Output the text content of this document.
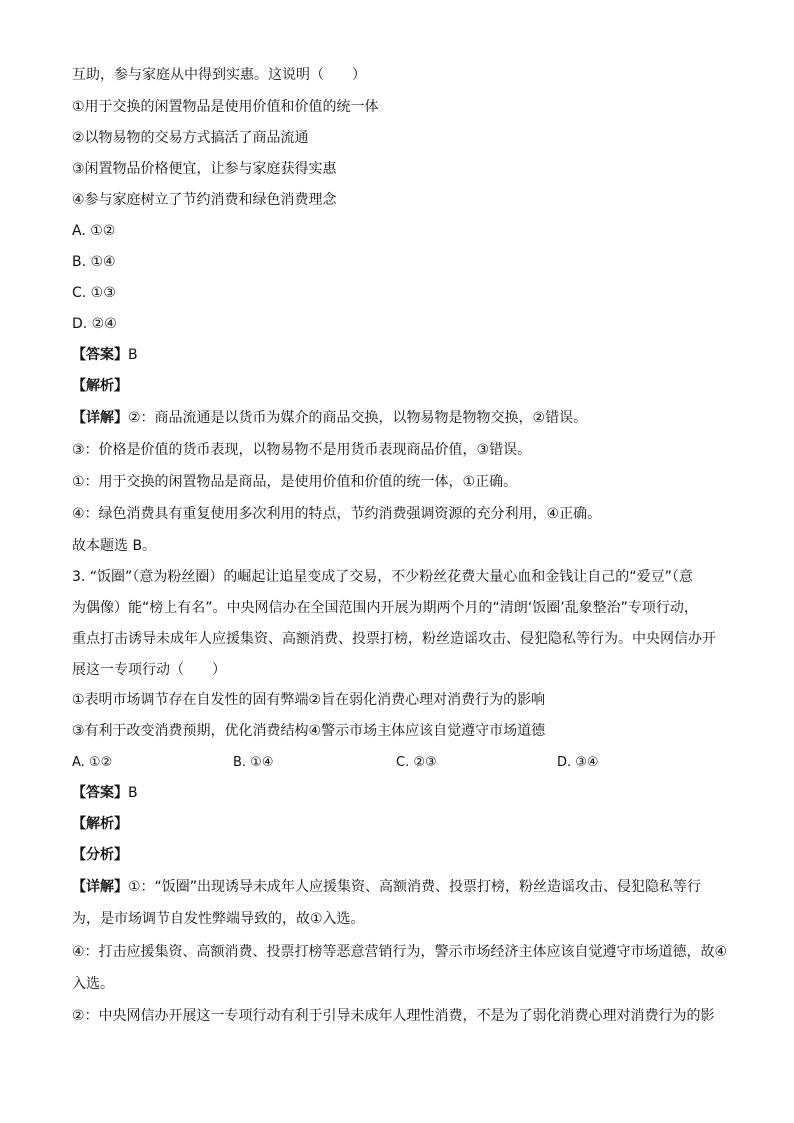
互助，参与家庭从中得到实惠。这说明（　　）
①用于交换的闲置物品是使用价值和价值的统一体
②以物易物的交易方式搞活了商品流通
③闲置物品价格便宜，让参与家庭获得实惠
④参与家庭树立了节约消费和绿色消费理念
A. ①②
B. ①④
C. ①③
D. ②④
【答案】B
【解析】
【详解】②：商品流通是以货币为媒介的商品交换，以物易物是物物交换，②错误。
③：价格是价值的货币表现，以物易物不是用货币表现商品价值，③错误。
①：用于交换的闲置物品是商品，是使用价值和价值的统一体，①正确。
④：绿色消费具有重复使用多次利用的特点，节约消费强调资源的充分利用，④正确。
故本题选 B。
3. “饭圈”（意为粉丝圈）的崛起让追星变成了交易，不少粉丝花费大量心血和金钱让自己的“爱豆”（意
为偶像）能“榜上有名”。中央网信办在全国范围内开展为期两个月的“清朗‘饭圈’乱象整治”专项行动，
重点打击诱导未成年人应援集资、高额消费、投票打榜，粉丝造谣攻击、侵犯隐私等行为。中央网信办开
展这一专项行动（　　）
①表明市场调节存在自发性的固有弊端②旨在弱化消费心理对消费行为的影响
③有利于改变消费预期，优化消费结构④警示市场主体应该自觉遵守市场道德
A. ①②	B. ①④	C. ②③	D. ③④
【答案】B
【解析】
【分析】
【详解】①：“饭圈”出现诱导未成年人应援集资、高额消费、投票打榜，粉丝造谣攻击、侵犯隐私等行
为，是市场调节自发性弊端导致的，故①入选。
④：打击应援集资、高额消费、投票打榜等恶意营销行为，警示市场经济主体应该自觉遵守市场道德，故④
入选。
②：中央网信办开展这一专项行动有利于引导未成年人理性消费，不是为了弱化消费心理对消费行为的影
